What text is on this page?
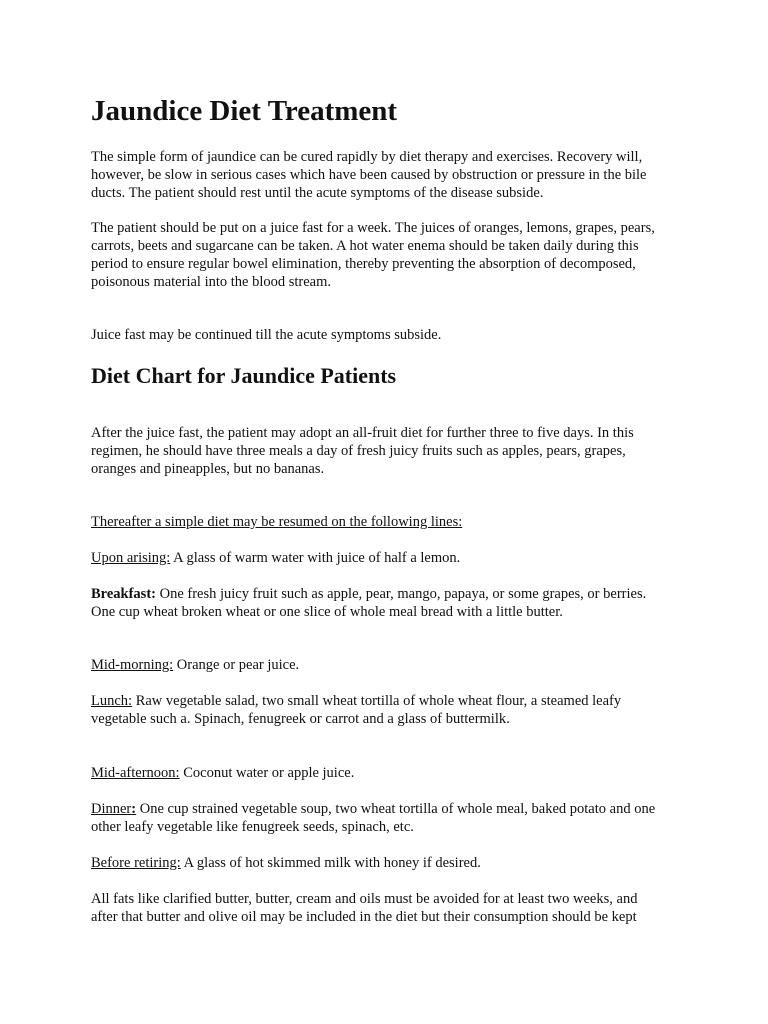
Jaundice Diet Treatment
The simple form of jaundice can be cured rapidly by diet therapy and exercises. Recovery will,
however, be slow in serious cases which have been caused by obstruction or pressure in the bile
ducts. The patient should rest until the acute symptoms of the disease subside.
The patient should be put on a juice fast for a week. The juices of oranges, lemons, grapes, pears,
carrots, beets and sugarcane can be taken. A hot water enema should be taken daily during this
period to ensure regular bowel elimination, thereby preventing the absorption of decomposed,
poisonous material into the blood stream.
Juice fast may be continued till the acute symptoms subside.
Diet Chart for Jaundice Patients
After the juice fast, the patient may adopt an all-fruit diet for further three to five days. In this
regimen, he should have three meals a day of fresh juicy fruits such as apples, pears, grapes,
oranges and pineapples, but no bananas.
Thereafter a simple diet may be resumed on the following lines:
Upon arising: A glass of warm water with juice of half a lemon.
Breakfast: One fresh juicy fruit such as apple, pear, mango, papaya, or some grapes, or berries.
One cup wheat broken wheat or one slice of whole meal bread with a little butter.
Mid-morning: Orange or pear juice.
Lunch: Raw vegetable salad, two small wheat tortilla of whole wheat flour, a steamed leafy
vegetable such a. Spinach, fenugreek or carrot and a glass of buttermilk.
Mid-afternoon: Coconut water or apple juice.
Dinner: One cup strained vegetable soup, two wheat tortilla of whole meal, baked potato and one
other leafy vegetable like fenugreek seeds, spinach, etc.
Before retiring: A glass of hot skimmed milk with honey if desired.
All fats like clarified butter, butter, cream and oils must be avoided for at least two weeks, and
after that butter and olive oil may be included in the diet but their consumption should be kept
